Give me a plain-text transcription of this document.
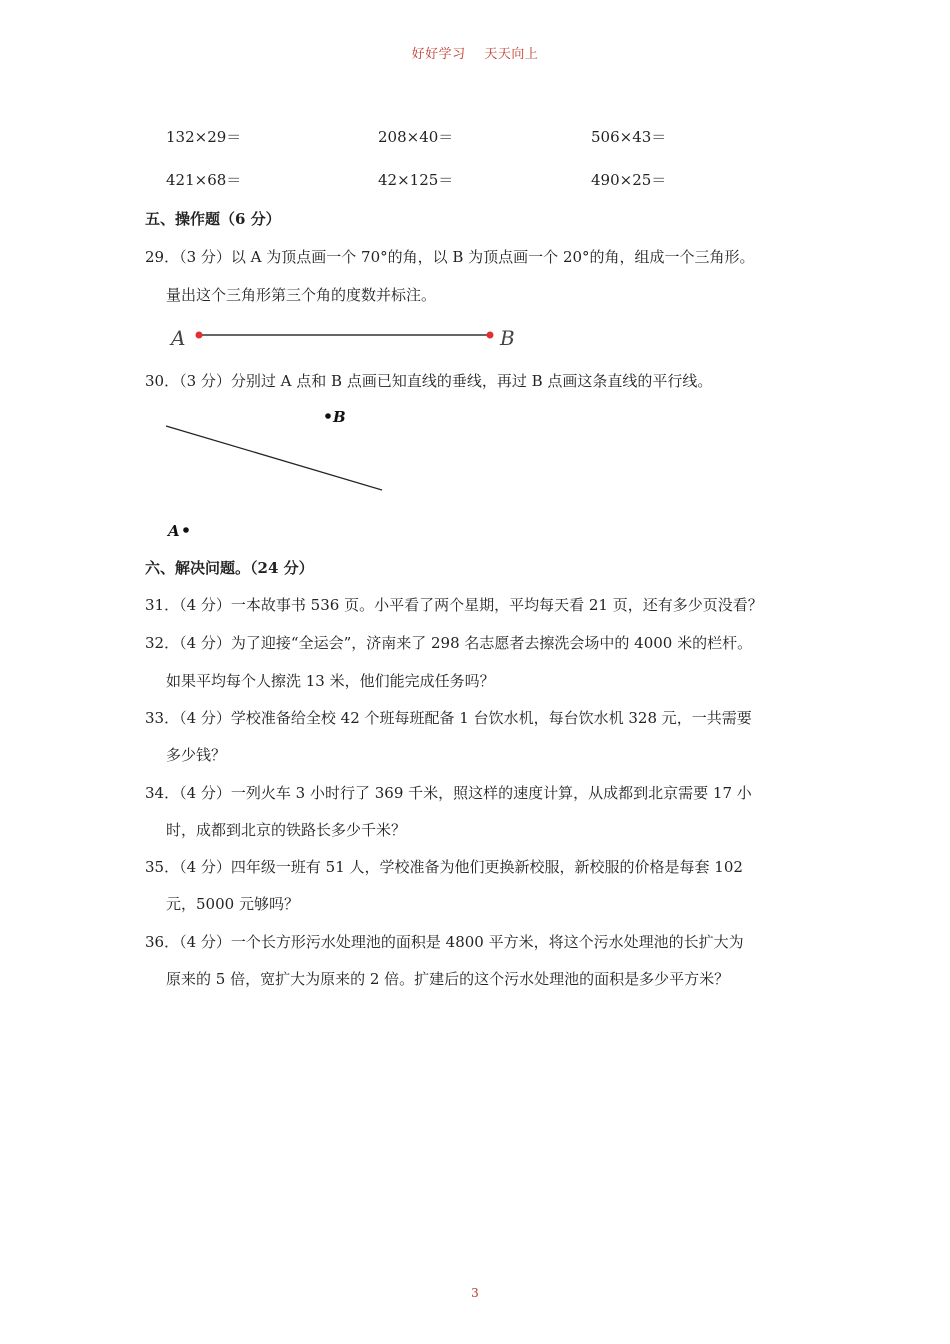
好好学习 天天向上
132×29＝	208×40＝	506×43＝
421×68＝	42×125＝	490×25＝
五、操作题（6 分）
29．（3 分）以 A 为顶点画一个 70°的角，以 B 为顶点画一个 20°的角，组成一个三角形。
量出这个三角形第三个角的度数并标注。
30．（3 分）分别过 A 点和 B 点画已知直线的垂线，再过 B 点画这条直线的平行线。
A	B
B
A
六、解决问题。（24 分）
31．（4 分）一本故事书 536 页。小平看了两个星期，平均每天看 21 页，还有多少页没看？
32．（4 分）为了迎接“全运会”，济南来了 298 名志愿者去擦洗会场中的 4000 米的栏杆。
如果平均每个人擦洗 13 米，他们能完成任务吗？
33．（4 分）学校准备给全校 42 个班每班配备 1 台饮水机，每台饮水机 328 元，一共需要
多少钱？
34．（4 分）一列火车 3 小时行了 369 千米，照这样的速度计算，从成都到北京需要 17 小
时，成都到北京的铁路长多少千米？
35．（4 分）四年级一班有 51 人，学校准备为他们更换新校服，新校服的价格是每套 102
元，5000 元够吗？
36．（4 分）一个长方形污水处理池的面积是 4800 平方米，将这个污水处理池的长扩大为
原来的 5 倍，宽扩大为原来的 2 倍。扩建后的这个污水处理池的面积是多少平方米？
3
